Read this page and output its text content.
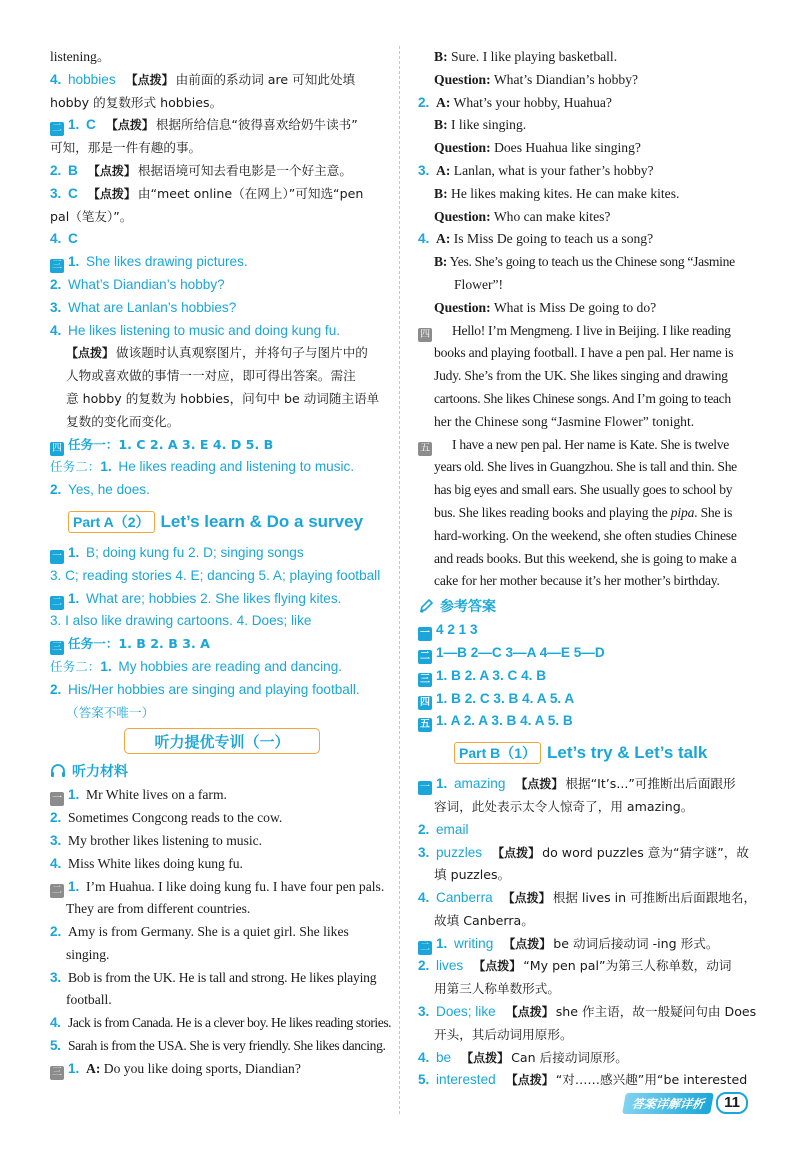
listening。
4. hobbies 【点拨】 由前面的系动词 are 可知此处填
hobby 的复数形式 hobbies。
二 1. C 【点拨】 根据所给信息“彼得喜欢给奶牛读书”
可知，那是一件有趣的事。
2. B 【点拨】 根据语境可知去看电影是一个好主意。
3. C 【点拨】 由“meet online（在网上）”可知选“pen
pal（笔友）”。
4. C
三 1. She likes drawing pictures.
2. What’s Diandian’s hobby?
3. What are Lanlan’s hobbies?
4. He likes listening to music and doing kung fu.
【点拨】 做该题时认真观察图片，并将句子与图片中的
人物或喜欢做的事情一一对应，即可得出答案。需注
意 hobby 的复数为 hobbies，问句中 be 动词随主语单
复数的变化而变化。
四 任务一：1. C 2. A 3. E 4. D 5. B
任务二：1. He likes reading and listening to music.
2. Yes, he does.
Part A（2） Let’s learn & Do a survey
一 1. B; doing kung fu 2. D; singing songs
3. C; reading stories 4. E; dancing 5. A; playing football
二 1. What are; hobbies 2. She likes flying kites.
3. I also like drawing cartoons. 4. Does; like
三 任务一：1. B 2. B 3. A
任务二：1. My hobbies are reading and dancing.
2. His/Her hobbies are singing and playing football.
（答案不唯一）
听力提优专训（一）
听力材料
一 1. Mr White lives on a farm.
2. Sometimes Congcong reads to the cow.
3. My brother likes listening to music.
4. Miss White likes doing kung fu.
二 1. I’m Huahua. I like doing kung fu. I have four pen pals.
They are from different countries.
2. Amy is from Germany. She is a quiet girl. She likes
singing.
3. Bob is from the UK. He is tall and strong. He likes playing
football.
4. Jack is from Canada. He is a clever boy. He likes reading stories.
5. Sarah is from the USA. She is very friendly. She likes dancing.
三 1. A: Do you like doing sports, Diandian?
B: Sure. I like playing basketball.
Question: What’s Diandian’s hobby?
2. A: What’s your hobby, Huahua?
B: I like singing.
Question: Does Huahua like singing?
3. A: Lanlan, what is your father’s hobby?
B: He likes making kites. He can make kites.
Question: Who can make kites?
4. A: Is Miss De going to teach us a song?
B: Yes. She’s going to teach us the Chinese song “Jasmine
Flower”!
Question: What is Miss De going to do?
四 Hello! I’m Mengmeng. I live in Beijing. I like reading
books and playing football. I have a pen pal. Her name is
Judy. She’s from the UK. She likes singing and drawing
cartoons. She likes Chinese songs. And I’m going to teach
her the Chinese song “Jasmine Flower” tonight.
五 I have a new pen pal. Her name is Kate. She is twelve
years old. She lives in Guangzhou. She is tall and thin. She
has big eyes and small ears. She usually goes to school by
bus. She likes reading books and playing the pipa. She is
hard-working. On the weekend, she often studies Chinese
and reads books. But this weekend, she is going to make a
cake for her mother because it’s her mother’s birthday.
参考答案
一 4 2 1 3
二 1—B 2—C 3—A 4—E 5—D
三 1. B 2. A 3. C 4. B
四 1. B 2. C 3. B 4. A 5. A
五 1. A 2. A 3. B 4. A 5. B
Part B（1） Let’s try & Let’s talk
一 1. amazing 【点拨】 根据“It’s...”可推断出后面跟形
容词，此处表示太令人惊奇了，用 amazing。
2. email
3. puzzles 【点拨】 do word puzzles 意为“猜字谜”，故
填 puzzles。
4. Canberra 【点拨】 根据 lives in 可推断出后面跟地名，
故填 Canberra。
二 1. writing 【点拨】 be 动词后接动词 -ing 形式。
2. lives 【点拨】 “My pen pal”为第三人称单数，动词
用第三人称单数形式。
3. Does; like 【点拨】 she 作主语，故一般疑问句由 Does
开头，其后动词用原形。
4. be 【点拨】 Can 后接动词原形。
5. interested 【点拨】 “对……感兴趣”用“be interested
答案详解详析	11
